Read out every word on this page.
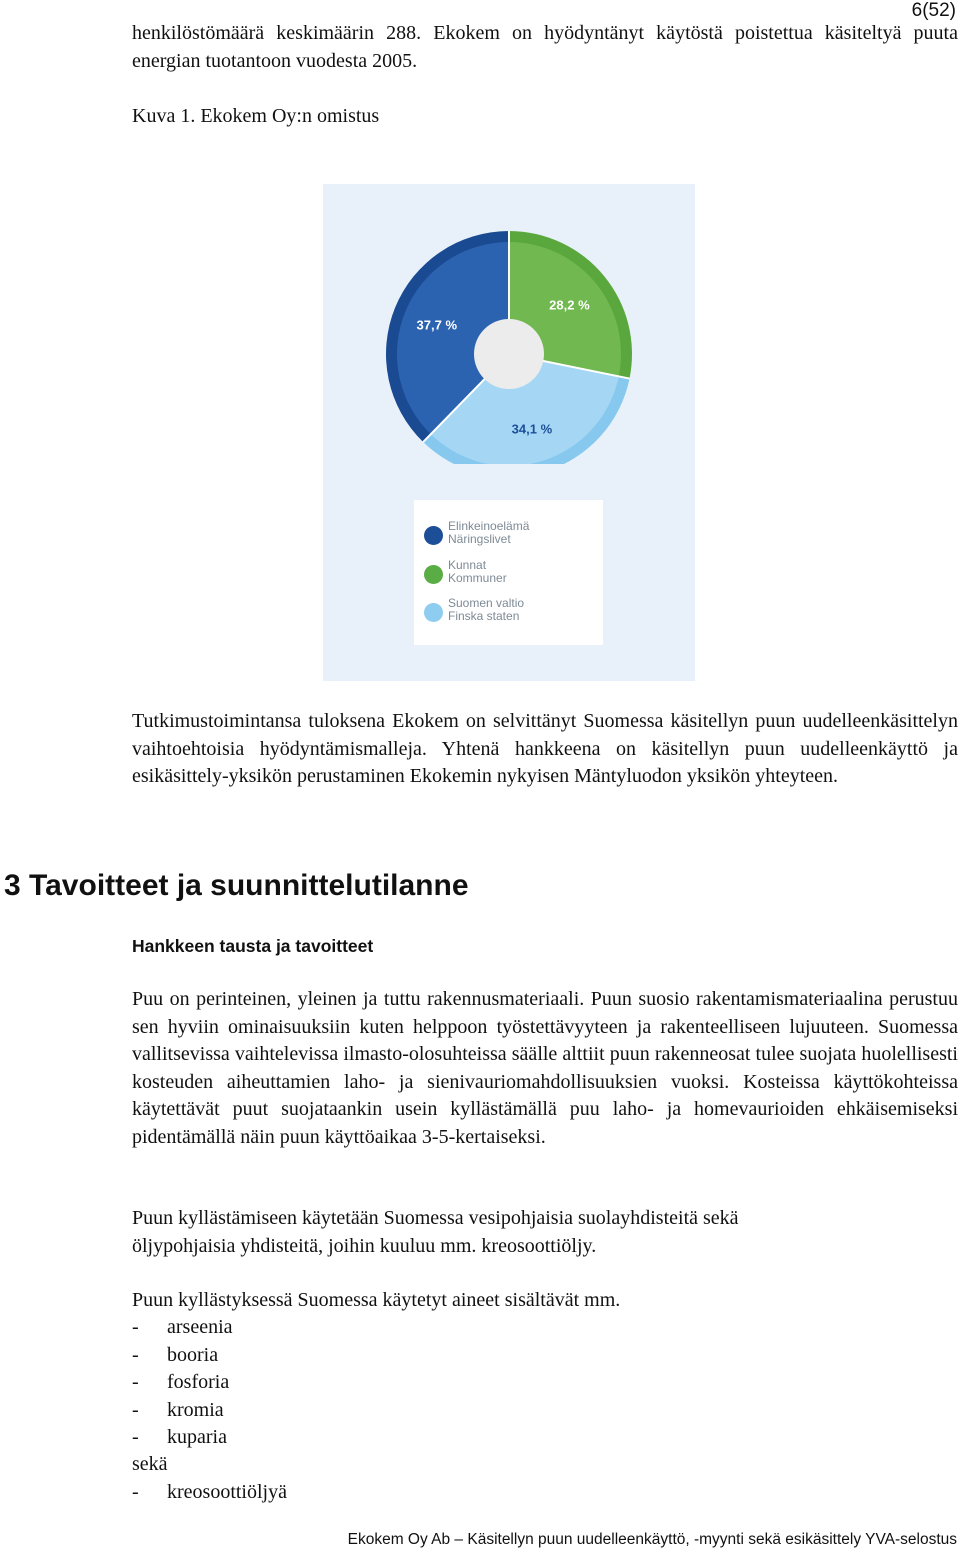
6(52)

henkilöstömäärä keskimäärin 288. Ekokem on hyödyntänyt käytöstä poistettua käsiteltyä puuta energian tuotantoon vuodesta 2005.

Kuva 1. Ekokem Oy:n omistus
28,2 %
34,1 %
37,7 %
Elinkeinoelämä
Näringslivet
Kunnat
Kommuner
Suomen valtio
Finska staten

Tutkimustoimintansa tuloksena Ekokem on selvittänyt Suomessa käsitellyn puun uudelleenkäsittelyn vaihtoehtoisia hyödyntämismalleja. Yhtenä hankkeena on käsitellyn puun uudelleenkäyttö ja esikäsittely-yksikön perustaminen Ekokemin nykyisen Mäntyluodon yksikön yhteyteen.

3 Tavoitteet ja suunnittelutilanne
Hankkeen tausta ja tavoitteet

Puu on perinteinen, yleinen ja tuttu rakennusmateriaali. Puun suosio rakentamismateriaalina perustuu sen hyviin ominaisuuksiin kuten helppoon työstettävyyteen ja rakenteelliseen lujuuteen. Suomessa vallitsevissa vaihtelevissa ilmasto-olosuhteissa säälle alttiit puun rakenneosat tulee suojata huolellisesti kosteuden aiheuttamien laho- ja sienivauriomahdollisuuksien vuoksi. Kosteissa käyttökohteissa käytettävät puut suojataankin usein kyllästämällä puu laho- ja homevaurioiden ehkäisemiseksi pidentämällä näin puun käyttöaikaa 3-5-kertaiseksi.

Puun kyllästämiseen käytetään Suomessa vesipohjaisia suolayhdisteitä sekä
öljypohjaisia yhdisteitä, joihin kuuluu mm. kreosoottiöljy.
Puun kyllästyksessä Suomessa käytetyt aineet sisältävät mm.
- arseenia
- booria
- fosforia
- kromia
- kuparia
sekä
- kreosoottiöljyä
Ekokem Oy Ab – Käsitellyn puun uudelleenkäyttö, -myynti sekä esikäsittely YVA-selostus
